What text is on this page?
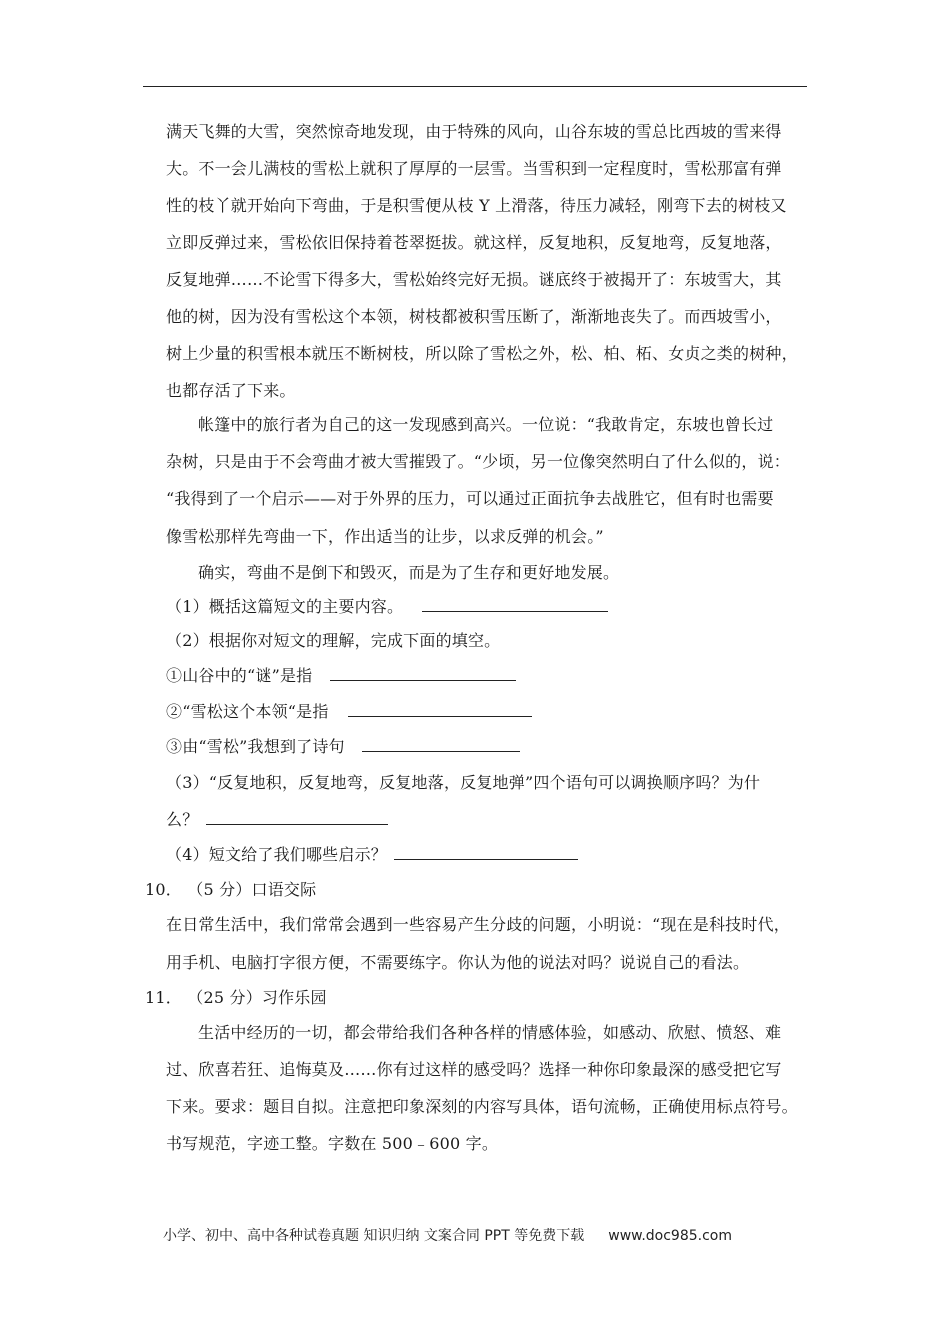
满天飞舞的大雪，突然惊奇地发现，由于特殊的风向，山谷东坡的雪总比西坡的雪来得
大。不一会儿满枝的雪松上就积了厚厚的一层雪。当雪积到一定程度时，雪松那富有弹
性的枝丫就开始向下弯曲，于是积雪便从枝 Y 上滑落，待压力减轻，刚弯下去的树枝又
立即反弹过来，雪松依旧保持着苍翠挺拔。就这样，反复地积，反复地弯，反复地落，
反复地弹……不论雪下得多大，雪松始终完好无损。谜底终于被揭开了：东坡雪大，其
他的树，因为没有雪松这个本领，树枝都被积雪压断了，渐渐地丧失了。而西坡雪小，
树上少量的积雪根本就压不断树枝，所以除了雪松之外，松、柏、柘、女贞之类的树种，
也都存活了下来。
帐篷中的旅行者为自己的这一发现感到高兴。一位说：“我敢肯定，东坡也曾长过
杂树，只是由于不会弯曲才被大雪摧毁了。“少顷，另一位像突然明白了什么似的，说：
“我得到了一个启示——对于外界的压力，可以通过正面抗争去战胜它，但有时也需要
像雪松那样先弯曲一下，作出适当的让步，以求反弹的机会。”
确实，弯曲不是倒下和毁灭，而是为了生存和更好地发展。
（1）概括这篇短文的主要内容。
（2）根据你对短文的理解，完成下面的填空。
①山谷中的“谜”是指
②“雪松这个本领“是指
③由“雪松”我想到了诗句
（3）“反复地积，反复地弯，反复地落，反复地弹”四个语句可以调换顺序吗？为什
么？
（4）短文给了我们哪些启示？
10． （5 分）口语交际
在日常生活中，我们常常会遇到一些容易产生分歧的问题，小明说：“现在是科技时代，
用手机、电脑打字很方便，不需要练字。你认为他的说法对吗？说说自己的看法。
11． （25 分）习作乐园
生活中经历的一切，都会带给我们各种各样的情感体验，如感动、欣慰、愤怒、难
过、欣喜若狂、追悔莫及……你有过这样的感受吗？选择一种你印象最深的感受把它写
下来。要求：题目自拟。注意把印象深刻的内容写具体，语句流畅，正确使用标点符号。
书写规范，字迹工整。字数在 500﹣600 字。
小学、初中、高中各种试卷真题 知识归纳 文案合同 PPT 等免费下载 www.doc985.com
